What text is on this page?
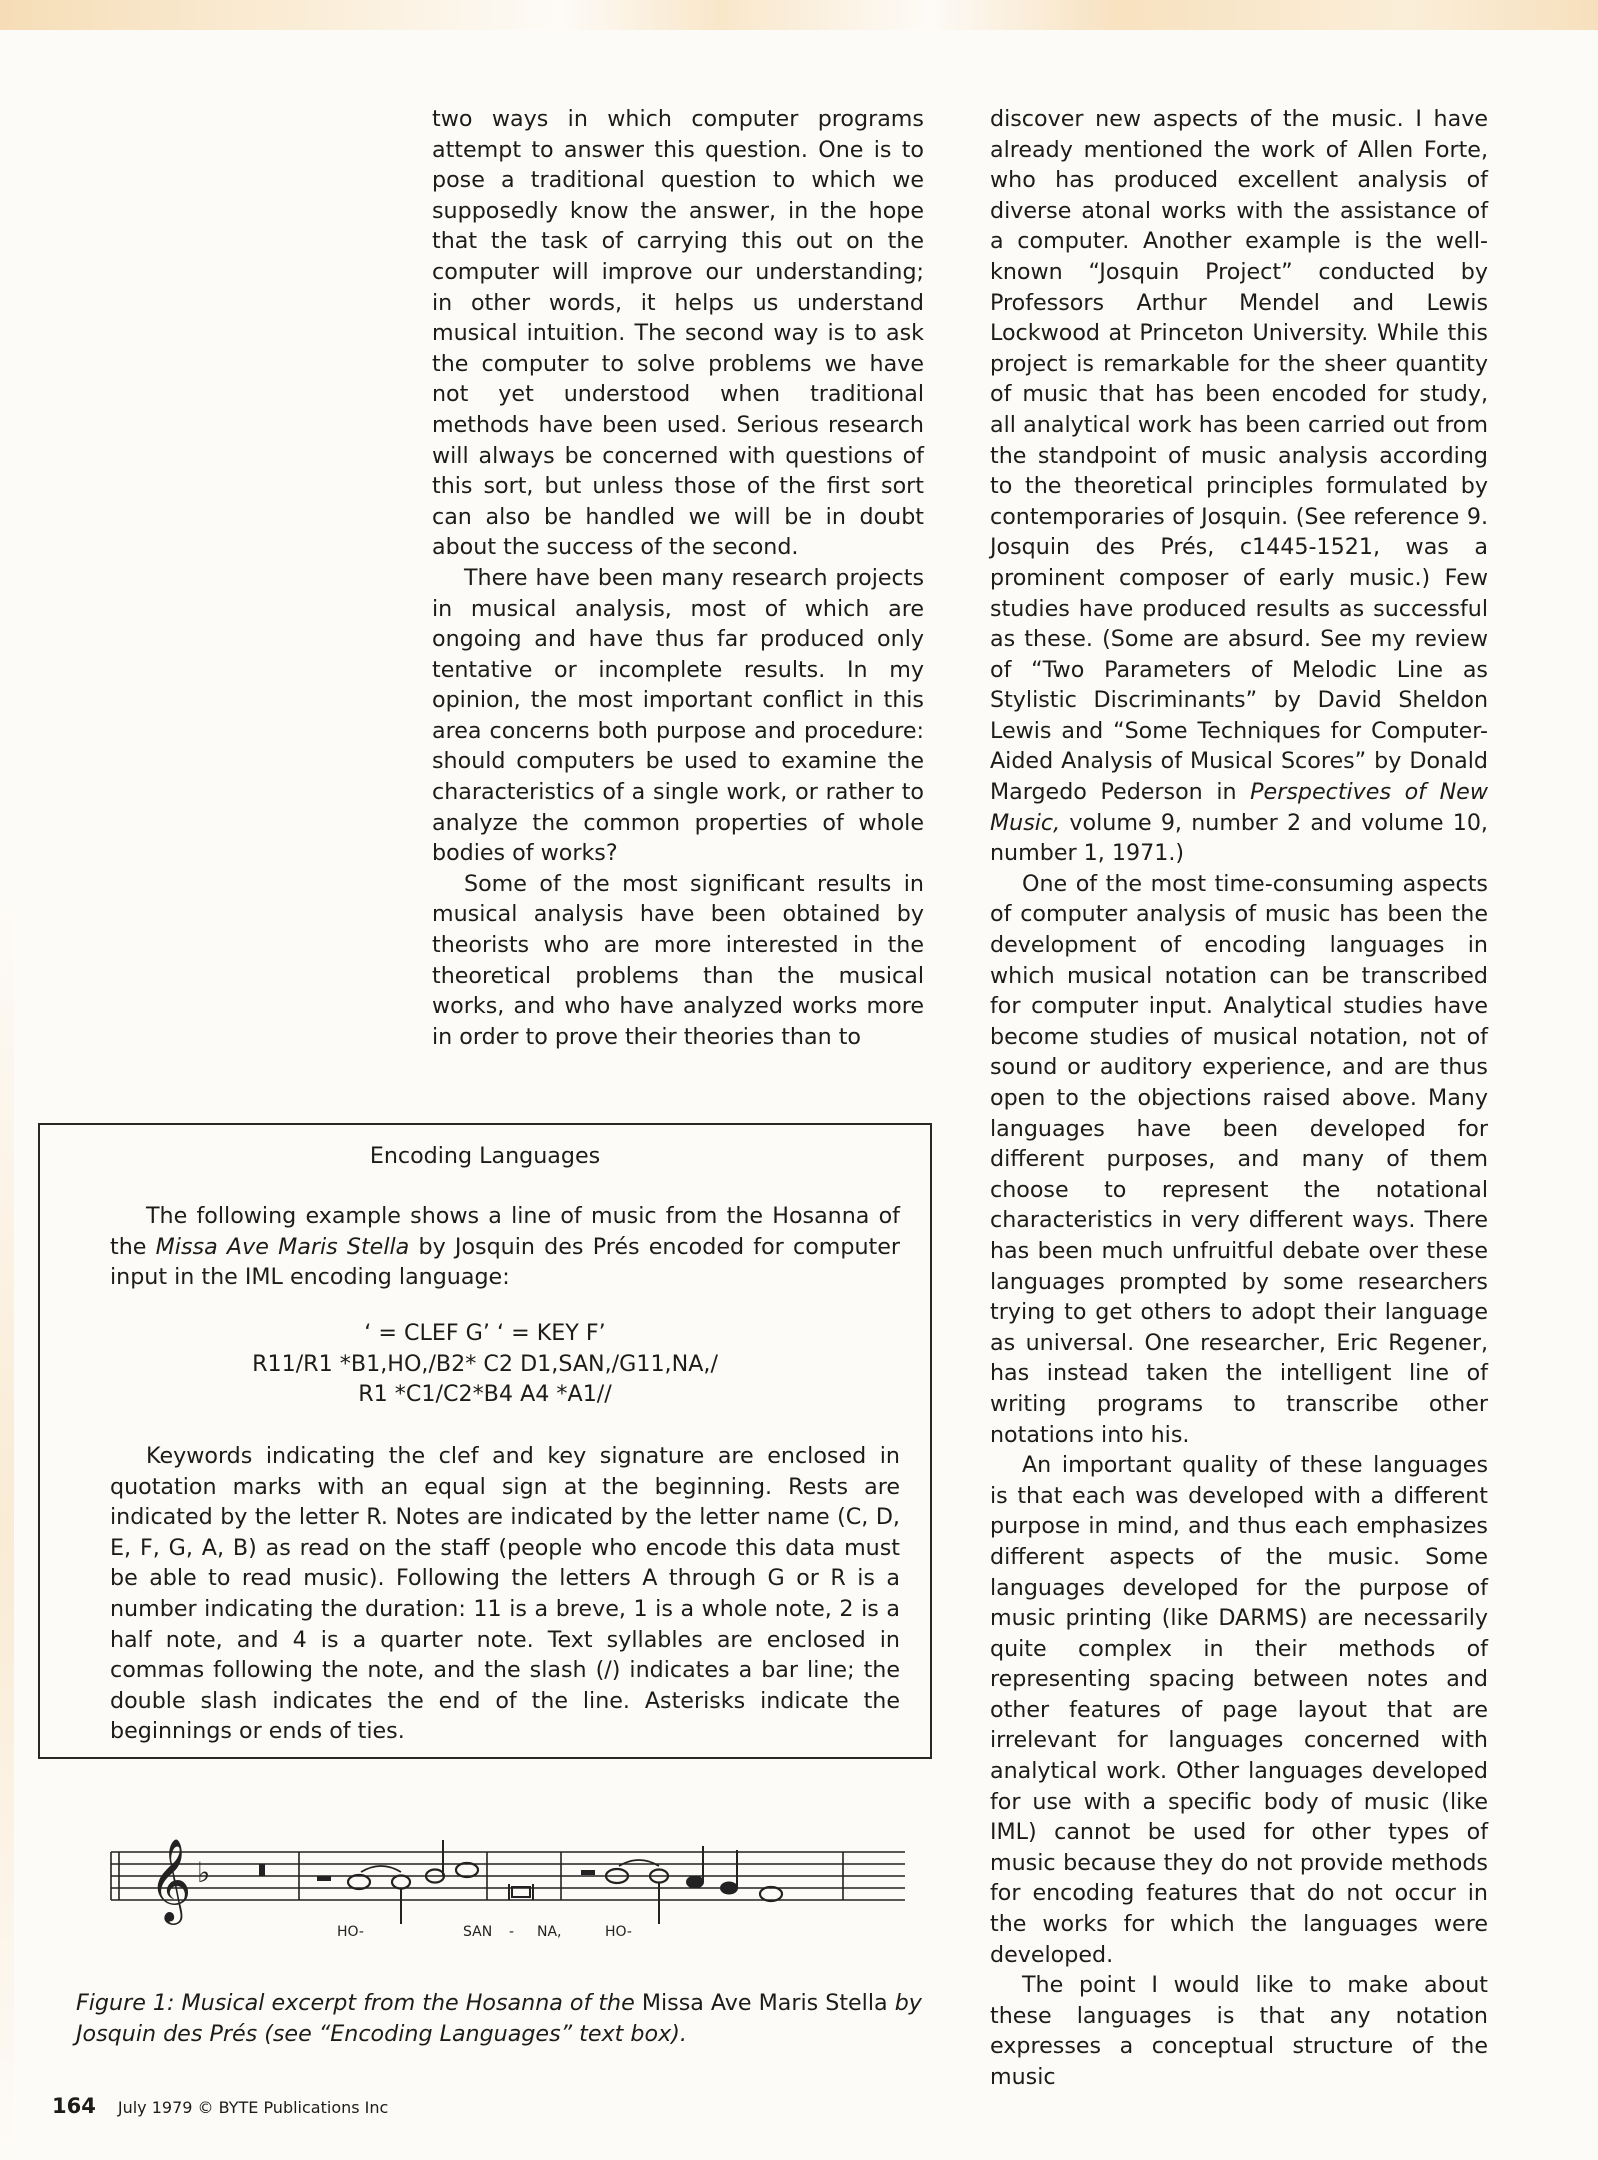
two ways in which computer programs attempt to answer this question. One is to pose a traditional question to which we supposedly know the answer, in the hope that the task of carrying this out on the computer will improve our understanding; in other words, it helps us understand musical intuition. The second way is to ask the computer to solve problems we have not yet understood when traditional methods have been used. Serious research will always be concerned with questions of this sort, but unless those of the first sort can also be handled we will be in doubt about the success of the second.

There have been many research projects in musical analysis, most of which are ongoing and have thus far produced only tentative or incomplete results. In my opinion, the most important conflict in this area concerns both purpose and procedure: should computers be used to examine the characteristics of a single work, or rather to analyze the common properties of whole bodies of works?

Some of the most significant results in musical analysis have been obtained by theorists who are more interested in the theoretical problems than the musical works, and who have analyzed works more in order to prove their theories than to

discover new aspects of the music. I have already mentioned the work of Allen Forte, who has produced excellent analysis of diverse atonal works with the assistance of a computer. Another example is the well-known “Josquin Project” conducted by Professors Arthur Mendel and Lewis Lockwood at Princeton University. While this project is remarkable for the sheer quantity of music that has been encoded for study, all analytical work has been carried out from the standpoint of music analysis according to the theoretical principles formulated by contemporaries of Josquin. (See reference 9. Josquin des Prés, c1445-1521, was a prominent composer of early music.) Few studies have produced results as successful as these. (Some are absurd. See my review of “Two Parameters of Melodic Line as Stylistic Discriminants” by David Sheldon Lewis and “Some Techniques for Computer-Aided Analysis of Musical Scores” by Donald Margedo Pederson in Perspectives of New Music, volume 9, number 2 and volume 10, number 1, 1971.)

One of the most time-consuming aspects of computer analysis of music has been the development of encoding languages in which musical notation can be transcribed for computer input. Analytical studies have become studies of musical notation, not of sound or auditory experience, and are thus open to the objections raised above. Many languages have been developed for different purposes, and many of them choose to represent the notational characteristics in very different ways. There has been much unfruitful debate over these languages prompted by some researchers trying to get others to adopt their language as universal. One researcher, Eric Regener, has instead taken the intelligent line of writing programs to transcribe other notations into his.

An important quality of these languages is that each was developed with a different purpose in mind, and thus each emphasizes different aspects of the music. Some languages developed for the purpose of music printing (like DARMS) are necessarily quite complex in their methods of representing spacing between notes and other features of page layout that are irrelevant for languages concerned with analytical work. Other languages developed for use with a specific body of music (like IML) cannot be used for other types of music because they do not provide methods for encoding features that do not occur in the works for which the languages were developed.

The point I would like to make about these languages is that any notation expresses a conceptual structure of the music

Encoding Languages

The following example shows a line of music from the Hosanna of the Missa Ave Maris Stella by Josquin des Prés encoded for computer input in the IML encoding language:

‘ = CLEF G’ ‘ = KEY F’
R11/R1 *B1,HO,/B2* C2 D1,SAN,/G11,NA,/
R1 *C1/C2*B4 A4 *A1//

Keywords indicating the clef and key signature are enclosed in quotation marks with an equal sign at the beginning. Rests are indicated by the letter R. Notes are indicated by the letter name (C, D, E, F, G, A, B) as read on the staff (people who encode this data must be able to read music). Following the letters A through G or R is a number indicating the duration: 11 is a breve, 1 is a whole note, 2 is a half note, and 4 is a quarter note. Text syllables are enclosed in commas following the note, and the slash (/) indicates a bar line; the double slash indicates the end of the line. Asterisks indicate the beginnings or ends of ties.

𝄞 ♭
HO-	SAN - NA,	HO-
Figure 1: Musical excerpt from the Hosanna of the Missa Ave Maris Stella by Josquin des Prés (see “Encoding Languages” text box).
164 July 1979 © BYTE Publications Inc
